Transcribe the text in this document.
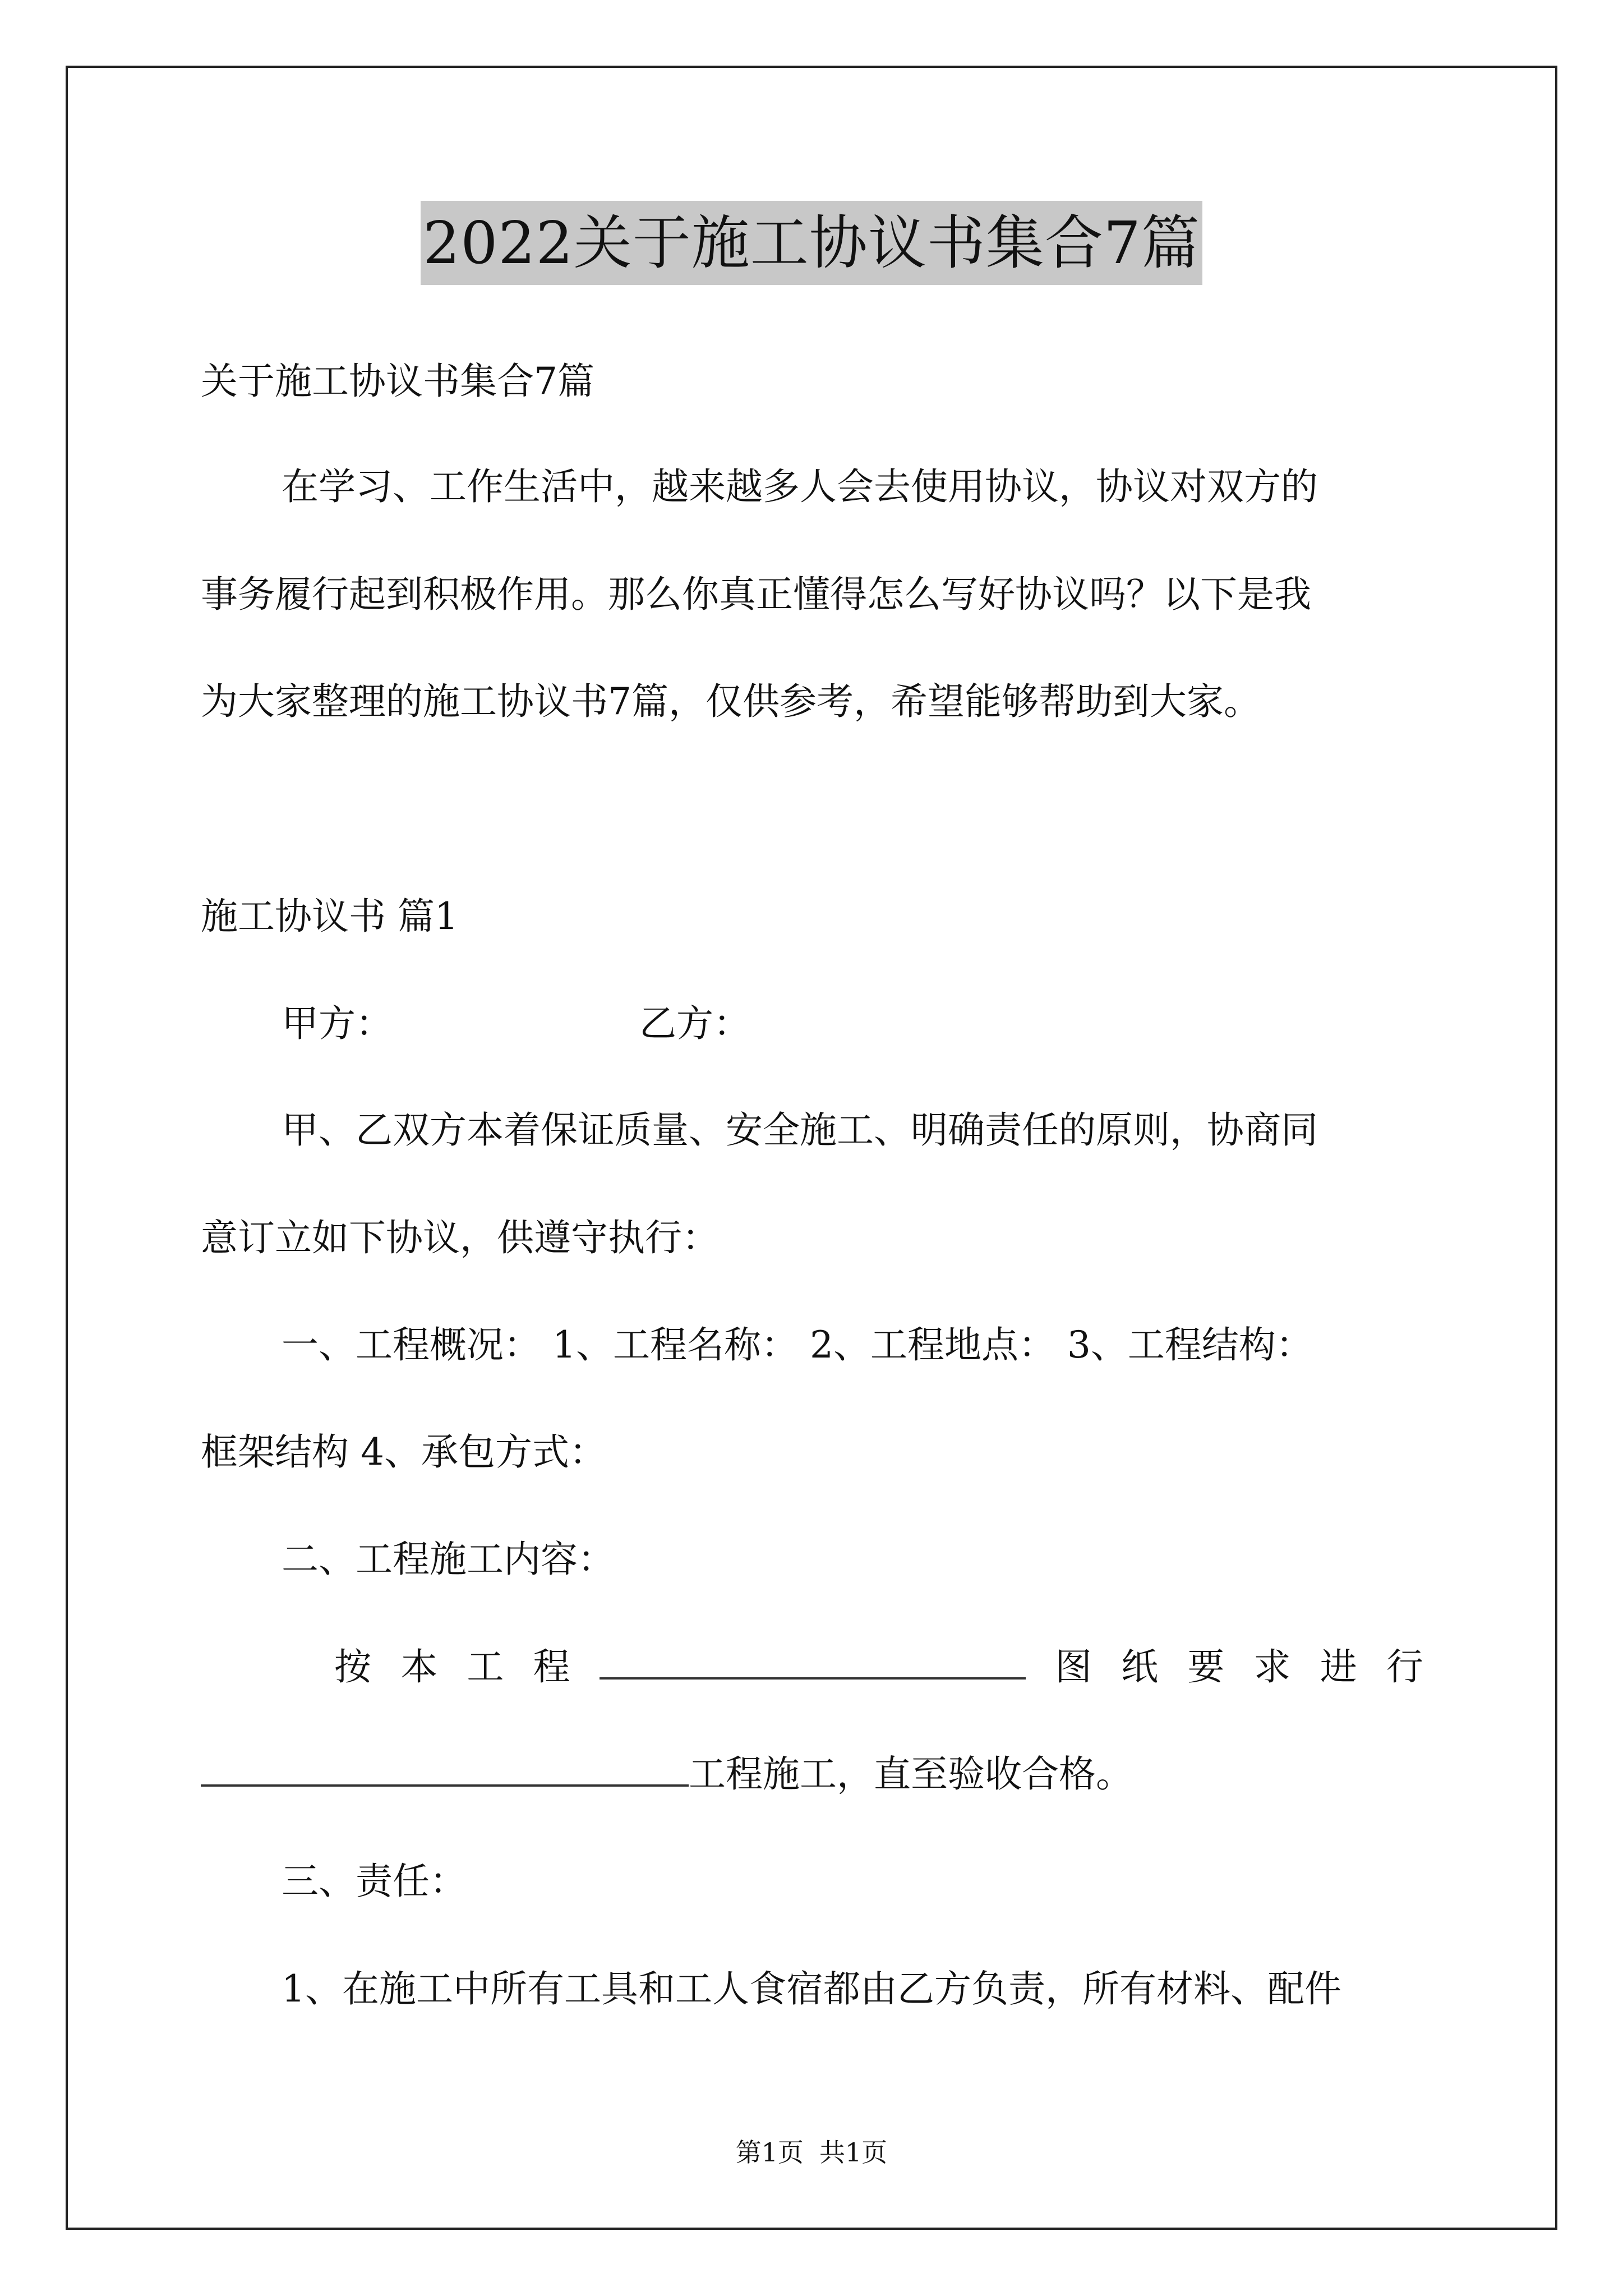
2022关于施工协议书集合7篇
关于施工协议书集合7篇
在学习、工作生活中，越来越多人会去使用协议，协议对双方的
事务履行起到积极作用。那么你真正懂得怎么写好协议吗？以下是我
为大家整理的施工协议书7篇，仅供参考，希望能够帮助到大家。
施工协议书 篇1
甲方：	乙方：
甲、乙双方本着保证质量、安全施工、明确责任的原则，协商同
意订立如下协议，供遵守执行：
一、工程概况： 1、工程名称： 2、工程地点： 3、工程结构：
框架结构 4、承包方式：
二、工程施工内容：
按 本 工 程	图 纸 要 求 进 行
工程施工，直至验收合格。
三、责任：
1、在施工中所有工具和工人食宿都由乙方负责，所有材料、配件
第1页 共1页
